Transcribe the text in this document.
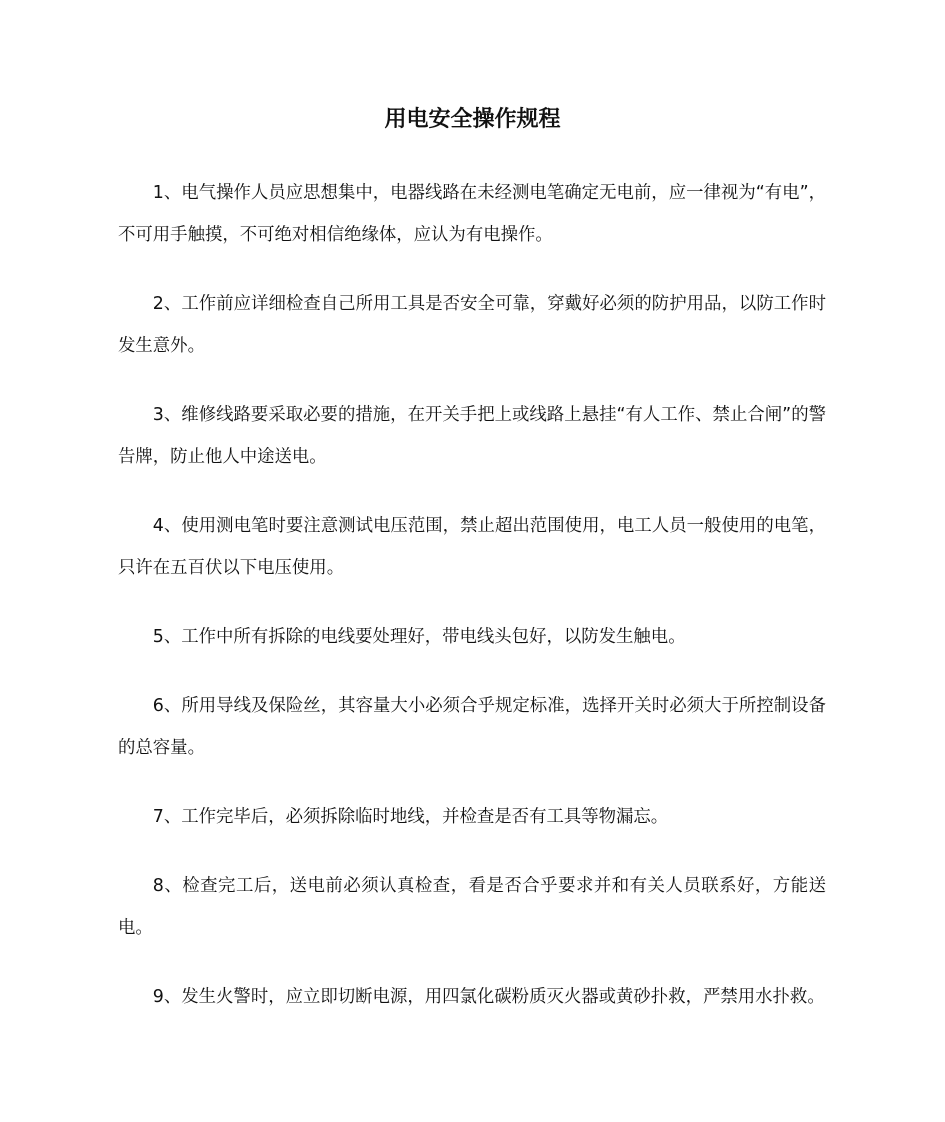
用电安全操作规程

1、电气操作人员应思想集中，电器线路在未经测电笔确定无电前，应一律视为“有电”，不可用手触摸，不可绝对相信绝缘体，应认为有电操作。

2、工作前应详细检查自己所用工具是否安全可靠，穿戴好必须的防护用品，以防工作时发生意外。

3、维修线路要采取必要的措施，在开关手把上或线路上悬挂“有人工作、禁止合闸”的警告牌，防止他人中途送电。

4、使用测电笔时要注意测试电压范围，禁止超出范围使用，电工人员一般使用的电笔，只许在五百伏以下电压使用。

5、工作中所有拆除的电线要处理好，带电线头包好，以防发生触电。

6、所用导线及保险丝，其容量大小必须合乎规定标准，选择开关时必须大于所控制设备的总容量。

7、工作完毕后，必须拆除临时地线，并检查是否有工具等物漏忘。

8、检查完工后，送电前必须认真检查，看是否合乎要求并和有关人员联系好，方能送电。

9、发生火警时，应立即切断电源，用四氯化碳粉质灭火器或黄砂扑救，严禁用水扑救。
